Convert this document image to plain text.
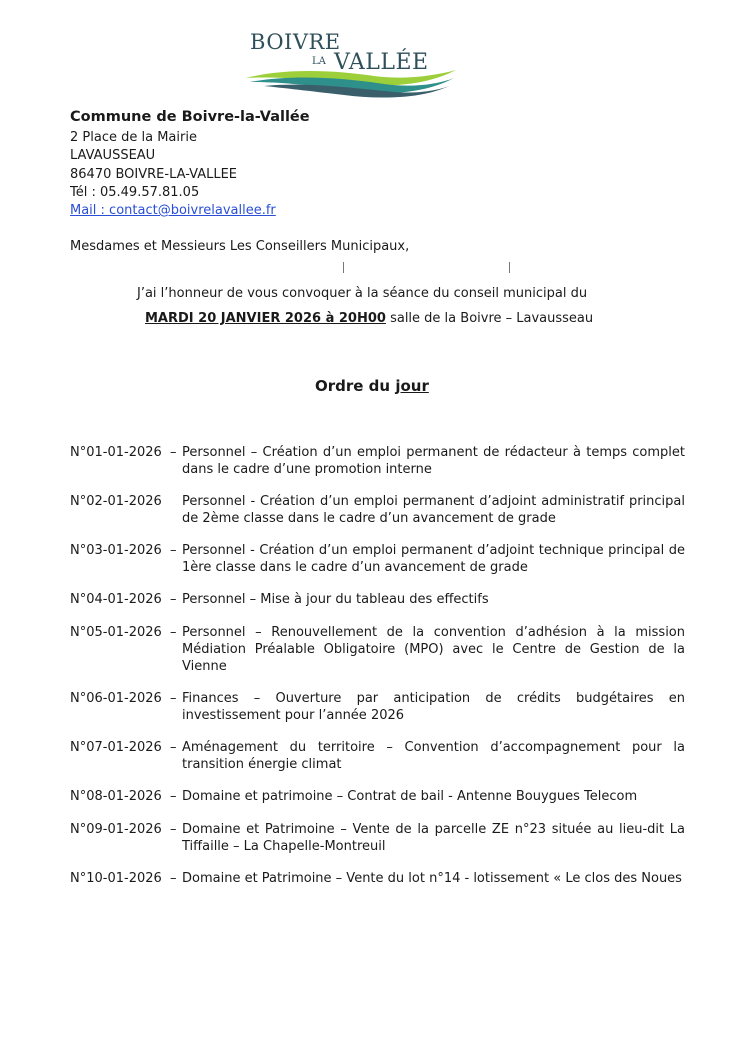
BOIVRE
LA VALLÉE
Commune de Boivre-la-Vallée
2 Place de la Mairie
LAVAUSSEAU
86470 BOIVRE-LA-VALLEE
Tél : 05.49.57.81.05
Mail : contact@boivrelavallee.fr
Mesdames et Messieurs Les Conseillers Municipaux,
J’ai l’honneur de vous convoquer à la séance du conseil municipal du
MARDI 20 JANVIER 2026 à 20H00 salle de la Boivre – Lavausseau
Ordre du jour
N°01-01-2026 – Personnel – Création d’un emploi permanent de rédacteur à temps complet dans le cadre d’une promotion interne
N°02-01-2026	Personnel - Création d’un emploi permanent d’adjoint administratif principal de 2ème classe dans le cadre d’un avancement de grade
N°03-01-2026 – Personnel - Création d’un emploi permanent d’adjoint technique principal de 1ère classe dans le cadre d’un avancement de grade
N°04-01-2026 – Personnel – Mise à jour du tableau des effectifs
N°05-01-2026 – Personnel – Renouvellement de la convention d’adhésion à la mission Médiation Préalable Obligatoire (MPO) avec le Centre de Gestion de la Vienne
N°06-01-2026 – Finances – Ouverture par anticipation de crédits budgétaires en investissement pour l’année 2026
N°07-01-2026 – Aménagement du territoire – Convention d’accompagnement pour la transition énergie climat
N°08-01-2026 – Domaine et patrimoine – Contrat de bail - Antenne Bouygues Telecom
N°09-01-2026 – Domaine et Patrimoine – Vente de la parcelle ZE n°23 située au lieu-dit La Tiffaille – La Chapelle-Montreuil
N°10-01-2026 – Domaine et Patrimoine – Vente du lot n°14 - lotissement « Le clos des Noues
